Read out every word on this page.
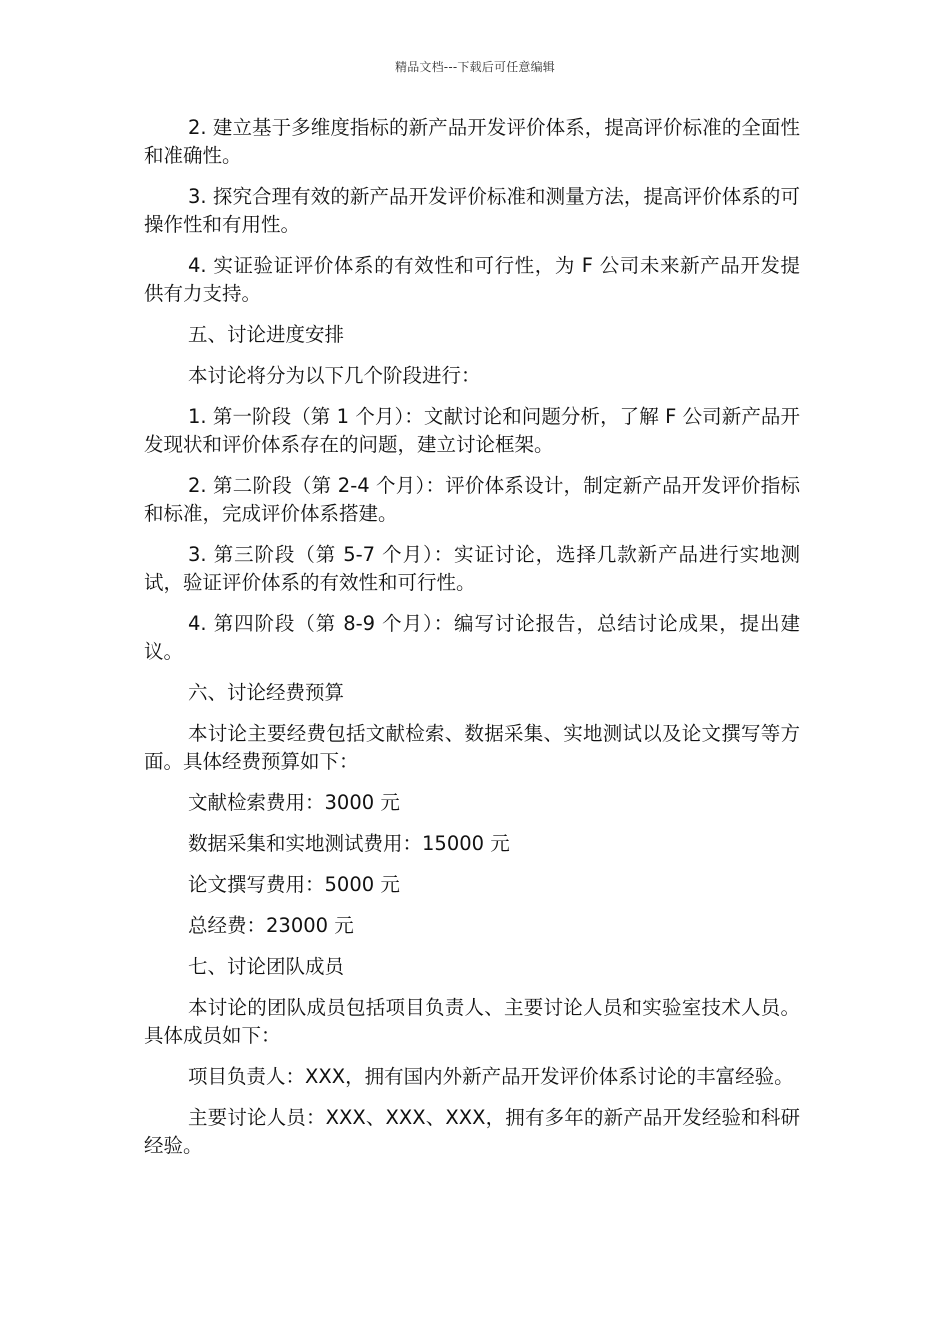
精品文档---下载后可任意编辑

2. 建立基于多维度指标的新产品开发评价体系，提高评价标准的全面性和准确性。

3. 探究合理有效的新产品开发评价标准和测量方法，提高评价体系的可操作性和有用性。

4. 实证验证评价体系的有效性和可行性，为 F 公司未来新产品开发提供有力支持。

五、讨论进度安排

本讨论将分为以下几个阶段进行：

1. 第一阶段（第 1 个月）：文献讨论和问题分析，了解 F 公司新产品开发现状和评价体系存在的问题，建立讨论框架。

2. 第二阶段（第 2-4 个月）：评价体系设计，制定新产品开发评价指标和标准，完成评价体系搭建。

3. 第三阶段（第 5-7 个月）：实证讨论，选择几款新产品进行实地测试，验证评价体系的有效性和可行性。

4. 第四阶段（第 8-9 个月）：编写讨论报告，总结讨论成果，提出建议。

六、讨论经费预算

本讨论主要经费包括文献检索、数据采集、实地测试以及论文撰写等方面。具体经费预算如下：

文献检索费用：3000 元

数据采集和实地测试费用：15000 元

论文撰写费用：5000 元

总经费：23000 元

七、讨论团队成员

本讨论的团队成员包括项目负责人、主要讨论人员和实验室技术人员。具体成员如下：

项目负责人：XXX，拥有国内外新产品开发评价体系讨论的丰富经验。

主要讨论人员：XXX、XXX、XXX，拥有多年的新产品开发经验和科研经验。
